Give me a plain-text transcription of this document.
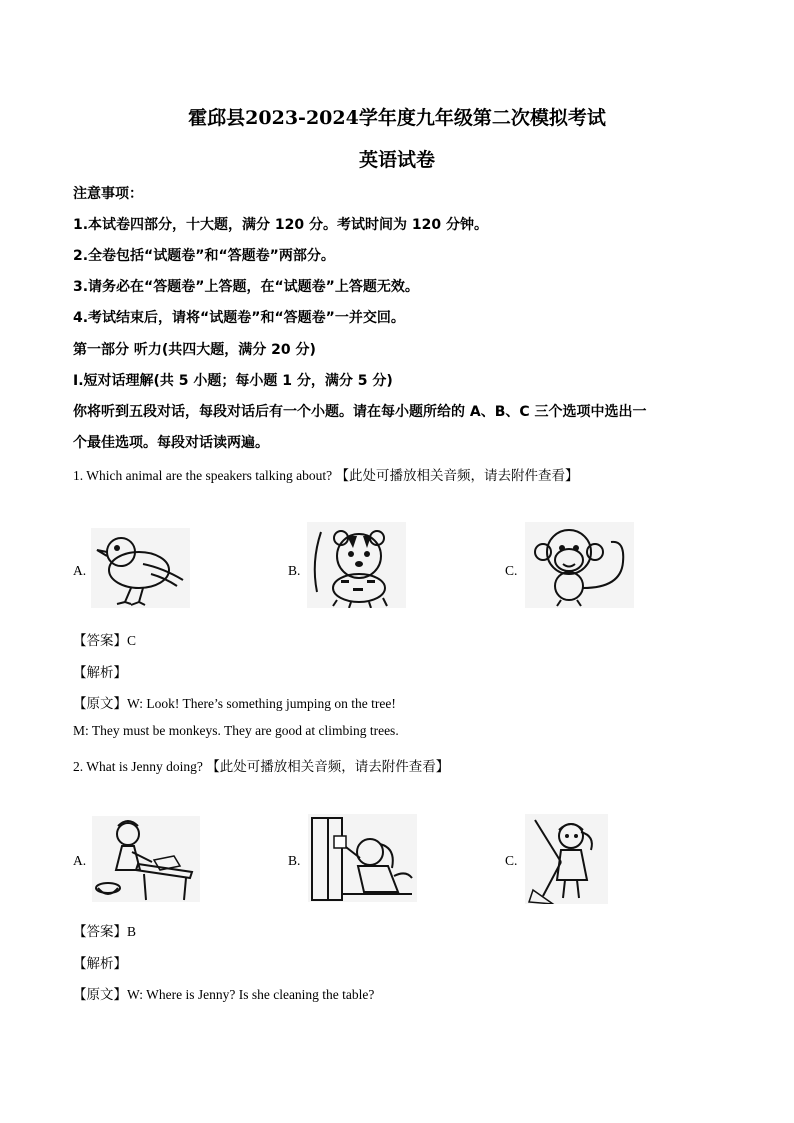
霍邱县2023-2024学年度九年级第二次模拟考试
英语试卷
注意事项：
1.本试卷四部分，十大题，满分 120 分。考试时间为 120 分钟。
2.全卷包括“试题卷”和“答题卷”两部分。
3.请务必在“答题卷”上答题，在“试题卷”上答题无效。
4.考试结束后，请将“试题卷”和“答题卷”一并交回。
第一部分 听力(共四大题，满分 20 分)
Ⅰ.短对话理解(共 5 小题；每小题 1 分，满分 5 分)
你将听到五段对话，每段对话后有一个小题。请在每小题所给的 A、B、C 三个选项中选出一
个最佳选项。每段对话读两遍。
1. Which animal are the speakers talking about? 【此处可播放相关音频，请去附件查看】
A.	B.	C.
【答案】C
【解析】
【原文】W: Look! There’s something jumping on the tree!
M: They must be monkeys. They are good at climbing trees.
2. What is Jenny doing? 【此处可播放相关音频，请去附件查看】
A.	B.	C.
【答案】B
【解析】
【原文】W: Where is Jenny? Is she cleaning the table?
